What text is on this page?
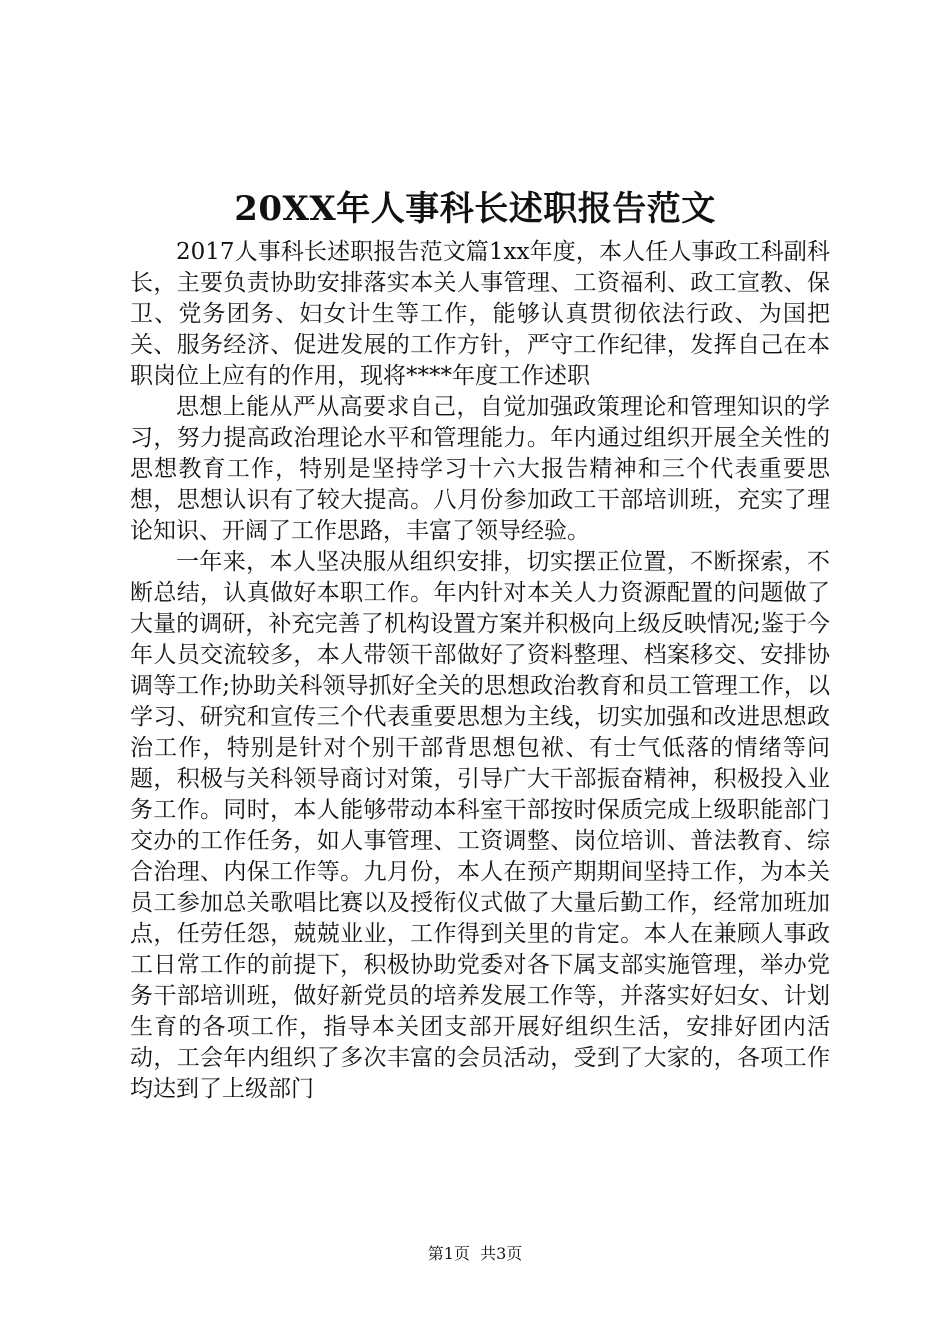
20XX年人事科长述职报告范文

2017人事科长述职报告范文篇1xx年度，本人任人事政工科副科长，主要负责协助安排落实本关人事管理、工资福利、政工宣教、保卫、党务团务、妇女计生等工作，能够认真贯彻依法行政、为国把关、服务经济、促进发展的工作方针，严守工作纪律，发挥自己在本职岗位上应有的作用，现将****年度工作述职

思想上能从严从高要求自己，自觉加强政策理论和管理知识的学习，努力提高政治理论水平和管理能力。年内通过组织开展全关性的思想教育工作，特别是坚持学习十六大报告精神和三个代表重要思想，思想认识有了较大提高。八月份参加政工干部培训班，充实了理论知识、开阔了工作思路，丰富了领导经验。

一年来，本人坚决服从组织安排，切实摆正位置，不断探索，不断总结，认真做好本职工作。年内针对本关人力资源配置的问题做了大量的调研，补充完善了机构设置方案并积极向上级反映情况;鉴于今年人员交流较多，本人带领干部做好了资料整理、档案移交、安排协调等工作;协助关科领导抓好全关的思想政治教育和员工管理工作，以学习、研究和宣传三个代表重要思想为主线，切实加强和改进思想政治工作，特别是针对个别干部背思想包袱、有士气低落的情绪等问题，积极与关科领导商讨对策，引导广大干部振奋精神，积极投入业务工作。同时，本人能够带动本科室干部按时保质完成上级职能部门交办的工作任务，如人事管理、工资调整、岗位培训、普法教育、综合治理、内保工作等。九月份，本人在预产期期间坚持工作，为本关员工参加总关歌唱比赛以及授衔仪式做了大量后勤工作，经常加班加点，任劳任怨，兢兢业业，工作得到关里的肯定。本人在兼顾人事政工日常工作的前提下，积极协助党委对各下属支部实施管理，举办党务干部培训班，做好新党员的培养发展工作等，并落实好妇女、计划生育的各项工作，指导本关团支部开展好组织生活，安排好团内活动，工会年内组织了多次丰富的会员活动，受到了大家的，各项工作均达到了上级部门

第1页 共3页
